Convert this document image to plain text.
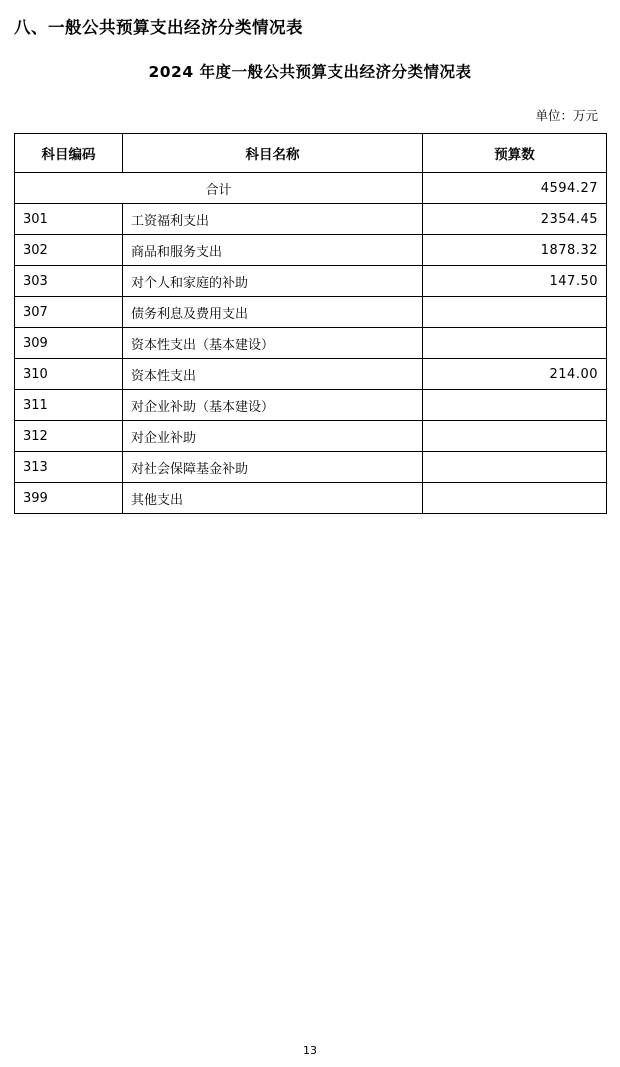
八、一般公共预算支出经济分类情况表
2024 年度一般公共预算支出经济分类情况表
单位：万元
科目编码	科目名称	预算数
合计		4594.27
301	工资福利支出	2354.45
302	商品和服务支出	1878.32
303	对个人和家庭的补助	147.50
307	债务利息及费用支出	
309	资本性支出（基本建设）	
310	资本性支出	214.00
311	对企业补助（基本建设）	
312	对企业补助	
313	对社会保障基金补助	
399	其他支出	
13
